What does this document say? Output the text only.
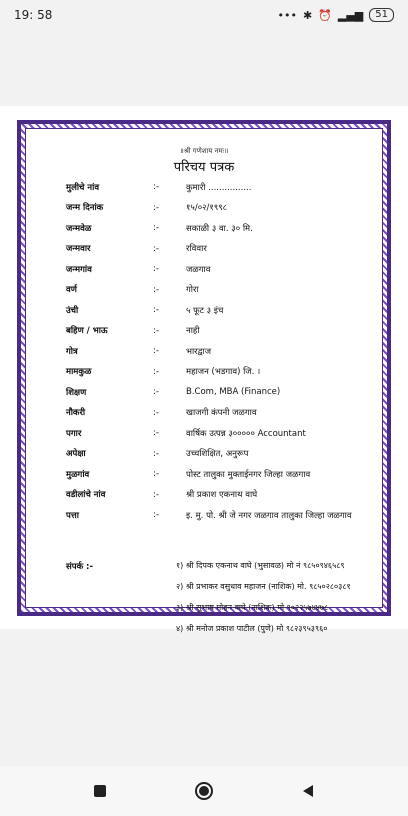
19: 58	••• ✱ ⏰ ▂▄▆	51
॥श्री गणेशाय नमः॥
परिचय पत्रक
मुलीचे नांव	:-	कुमारी ................
जन्म दिनांक	:-	१५/०२/१९९८
जन्मवेळ	:-	सकाळी ३ वा. ३० मि.
जन्मवार	:-	रविवार
जन्मगांव	:-	जळगाव
वर्ण	:-	गोरा
उंची	:-	५ फूट ३ इंच
बहिण / भाऊ	:-	नाही
गोत्र	:-	भारद्वाज
मामकुळ	:-	महाजन (भडगाव) जि. ।
शिक्षण	:-	B.Com, MBA (Finance)
नौकरी	:-	खाजगी कंपनी जळगाव
पगार	:-	वार्षिक उत्पन्न ३००००० Accountant
अपेक्षा	:-	उच्चशिक्षित, अनुरूप
मुळगांव	:-	पोस्ट तालुका मुक्ताईनगर जिल्हा जळगाव
वडीलांचे नांव	:-	श्री प्रकाश एकनाथ वाघे
पत्ता	:-	इ. मु. पो. श्री जे नगर जळगाव तालुका जिल्हा जळगाव
संपर्क :-	१) श्री दिपक एकनाथ वाघे (भुसावळ) मो नं ९८५०९४६५८९
२) श्री प्रभाकर वसुधाव महाजन (नाशिक) मो. ९८५०२८०३८१
३) श्री सुभाष मोहन वाघे (नाशिक) मो ९०२२५७४४७८
४) श्री मनोज प्रकाश पाटील (पुणे) मो ९८२३९५३९६०
